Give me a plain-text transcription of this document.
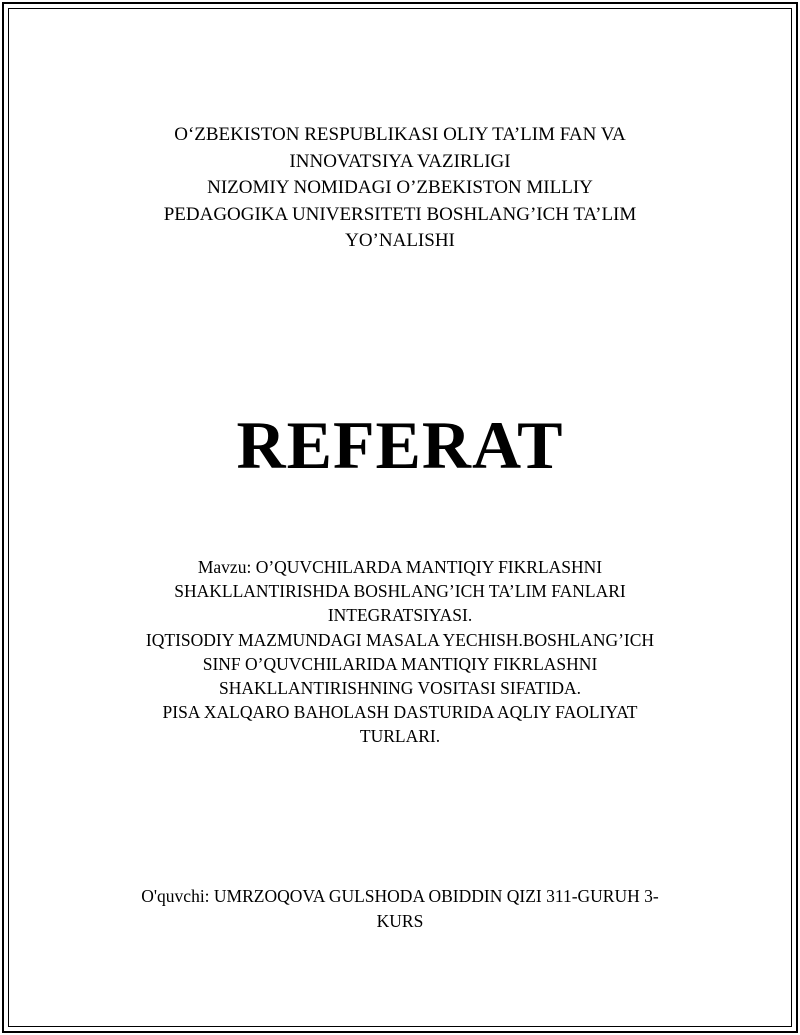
O‘ZBEKISTON RESPUBLIKASI OLIY TA’LIM FAN VA
INNOVATSIYA VAZIRLIGI
NIZOMIY NOMIDAGI O’ZBEKISTON MILLIY
PEDAGOGIKA UNIVERSITETI BOSHLANG’ICH TA’LIM
YO’NALISHI
REFERAT
Mavzu: O’QUVCHILARDA MANTIQIY FIKRLASHNI
SHAKLLANTIRISHDA BOSHLANG’ICH TA’LIM FANLARI
INTEGRATSIYASI.
IQTISODIY MAZMUNDAGI MASALA YECHISH.BOSHLANG’ICH
SINF O’QUVCHILARIDA MANTIQIY FIKRLASHNI
SHAKLLANTIRISHNING VOSITASI SIFATIDA.
PISA XALQARO BAHOLASH DASTURIDA AQLIY FAOLIYAT
TURLARI.
O'quvchi: UMRZOQOVA GULSHODA OBIDDIN QIZI 311-GURUH 3-
KURS
